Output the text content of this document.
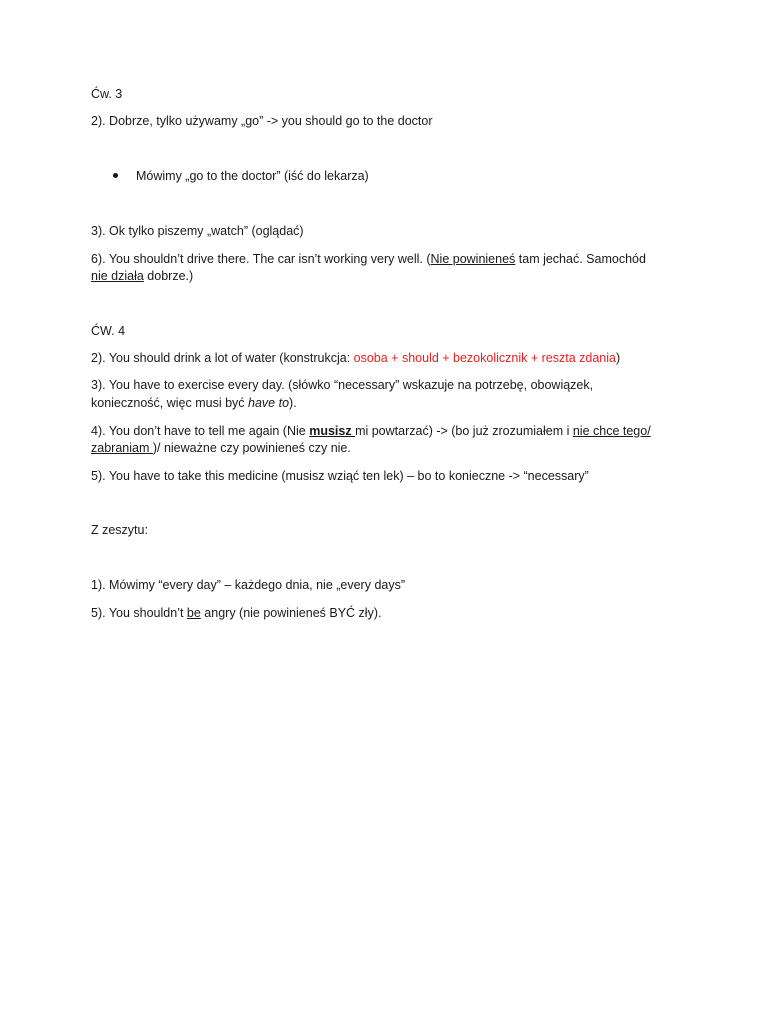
Ćw. 3
2). Dobrze, tylko używamy „go” -> you should go to the doctor
Mówimy „go to the doctor” (iść do lekarza)
3). Ok tylko piszemy „watch” (oglądać)
6). You shouldn’t drive there. The car isn’t working very well. (Nie powinieneś tam jechać. Samochód
nie działa dobrze.)
ĆW. 4
2). You should drink a lot of water (konstrukcja: osoba + should + bezokolicznik + reszta zdania)
3). You have to exercise every day. (słówko “necessary” wskazuje na potrzebę, obowiązek,
konieczność, więc musi być have to).
4). You don’t have to tell me again (Nie musisz mi powtarzać) -> (bo już zrozumiałem i nie chce tego/
zabraniam )/ nieważne czy powinieneś czy nie.
5). You have to take this medicine (musisz wziąć ten lek) – bo to konieczne -> “necessary”
Z zeszytu:
1). Mówimy “every day” – każdego dnia, nie „every days”
5). You shouldn’t be angry (nie powinieneś BYĆ zły).
